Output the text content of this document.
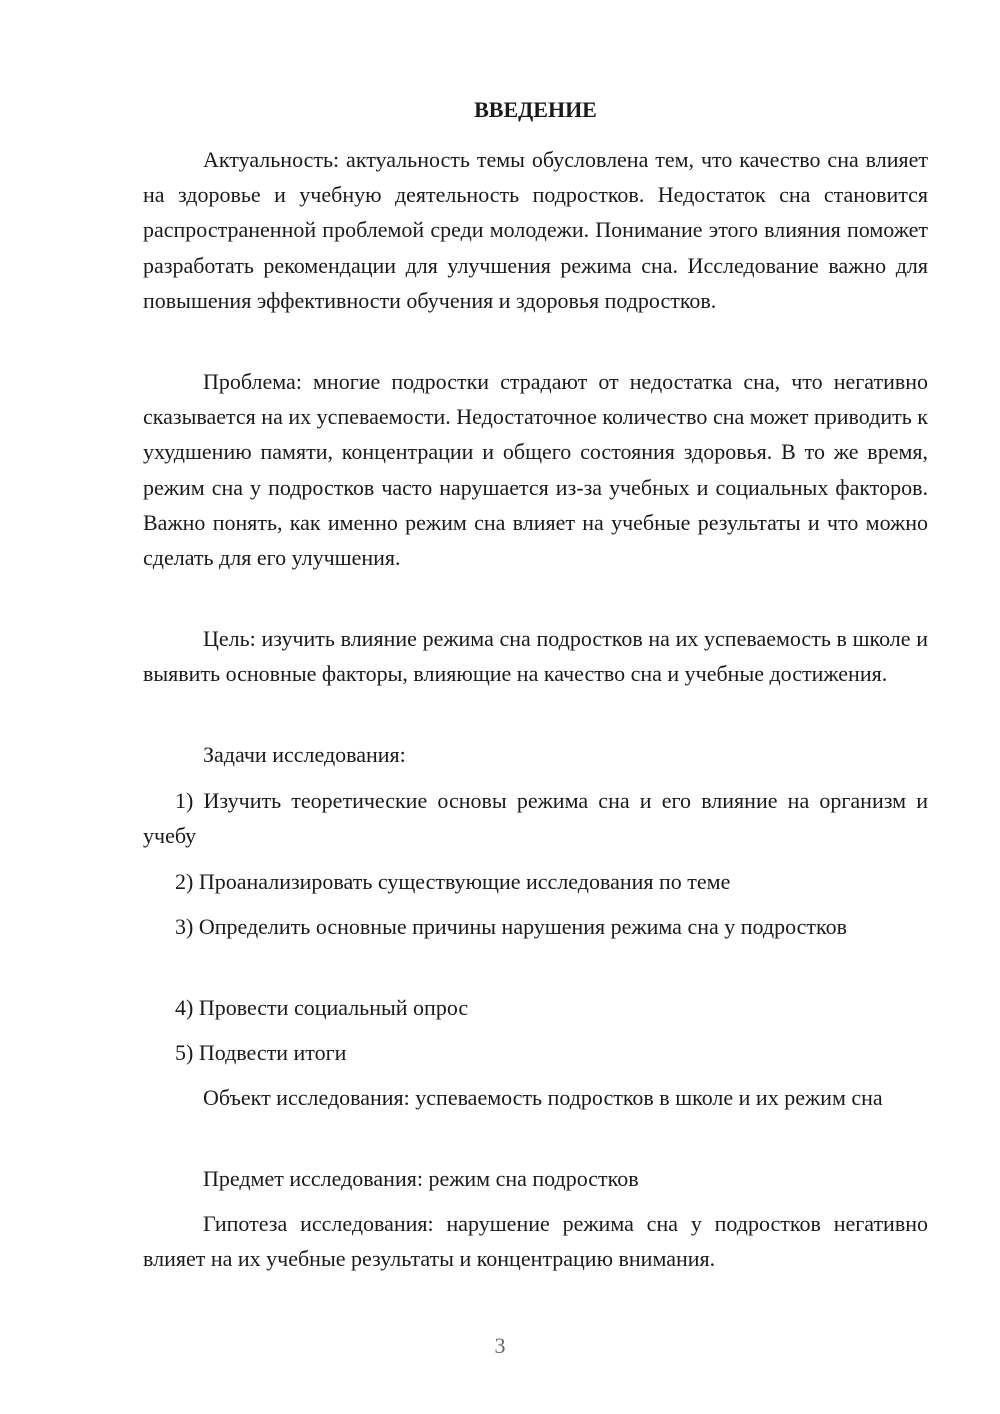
ВВЕДЕНИЕ

Актуальность: актуальность темы обусловлена тем, что качество сна влияет на здоровье и учебную деятельность подростков. Недостаток сна становится распространенной проблемой среди молодежи. Понимание этого влияния поможет разработать рекомендации для улучшения режима сна. Исследование важно для повышения эффективности обучения и здоровья подростков.

Проблема: многие подростки страдают от недостатка сна, что негативно сказывается на их успеваемости. Недостаточное количество сна может приводить к ухудшению памяти, концентрации и общего состояния здоровья. В то же время, режим сна у подростков часто нарушается из-за учебных и социальных факторов. Важно понять, как именно режим сна влияет на учебные результаты и что можно сделать для его улучшения.

Цель: изучить влияние режима сна подростков на их успеваемость в школе и выявить основные факторы, влияющие на качество сна и учебные достижения.

Задачи исследования:

1) Изучить теоретические основы режима сна и его влияние на организм и учебу

2) Проанализировать существующие исследования по теме

3) Определить основные причины нарушения режима сна у подростков

4) Провести социальный опрос

5) Подвести итоги

Объект исследования: успеваемость подростков в школе и их режим сна

Предмет исследования: режим сна подростков

Гипотеза исследования: нарушение режима сна у подростков негативно влияет на их учебные результаты и концентрацию внимания.

3
